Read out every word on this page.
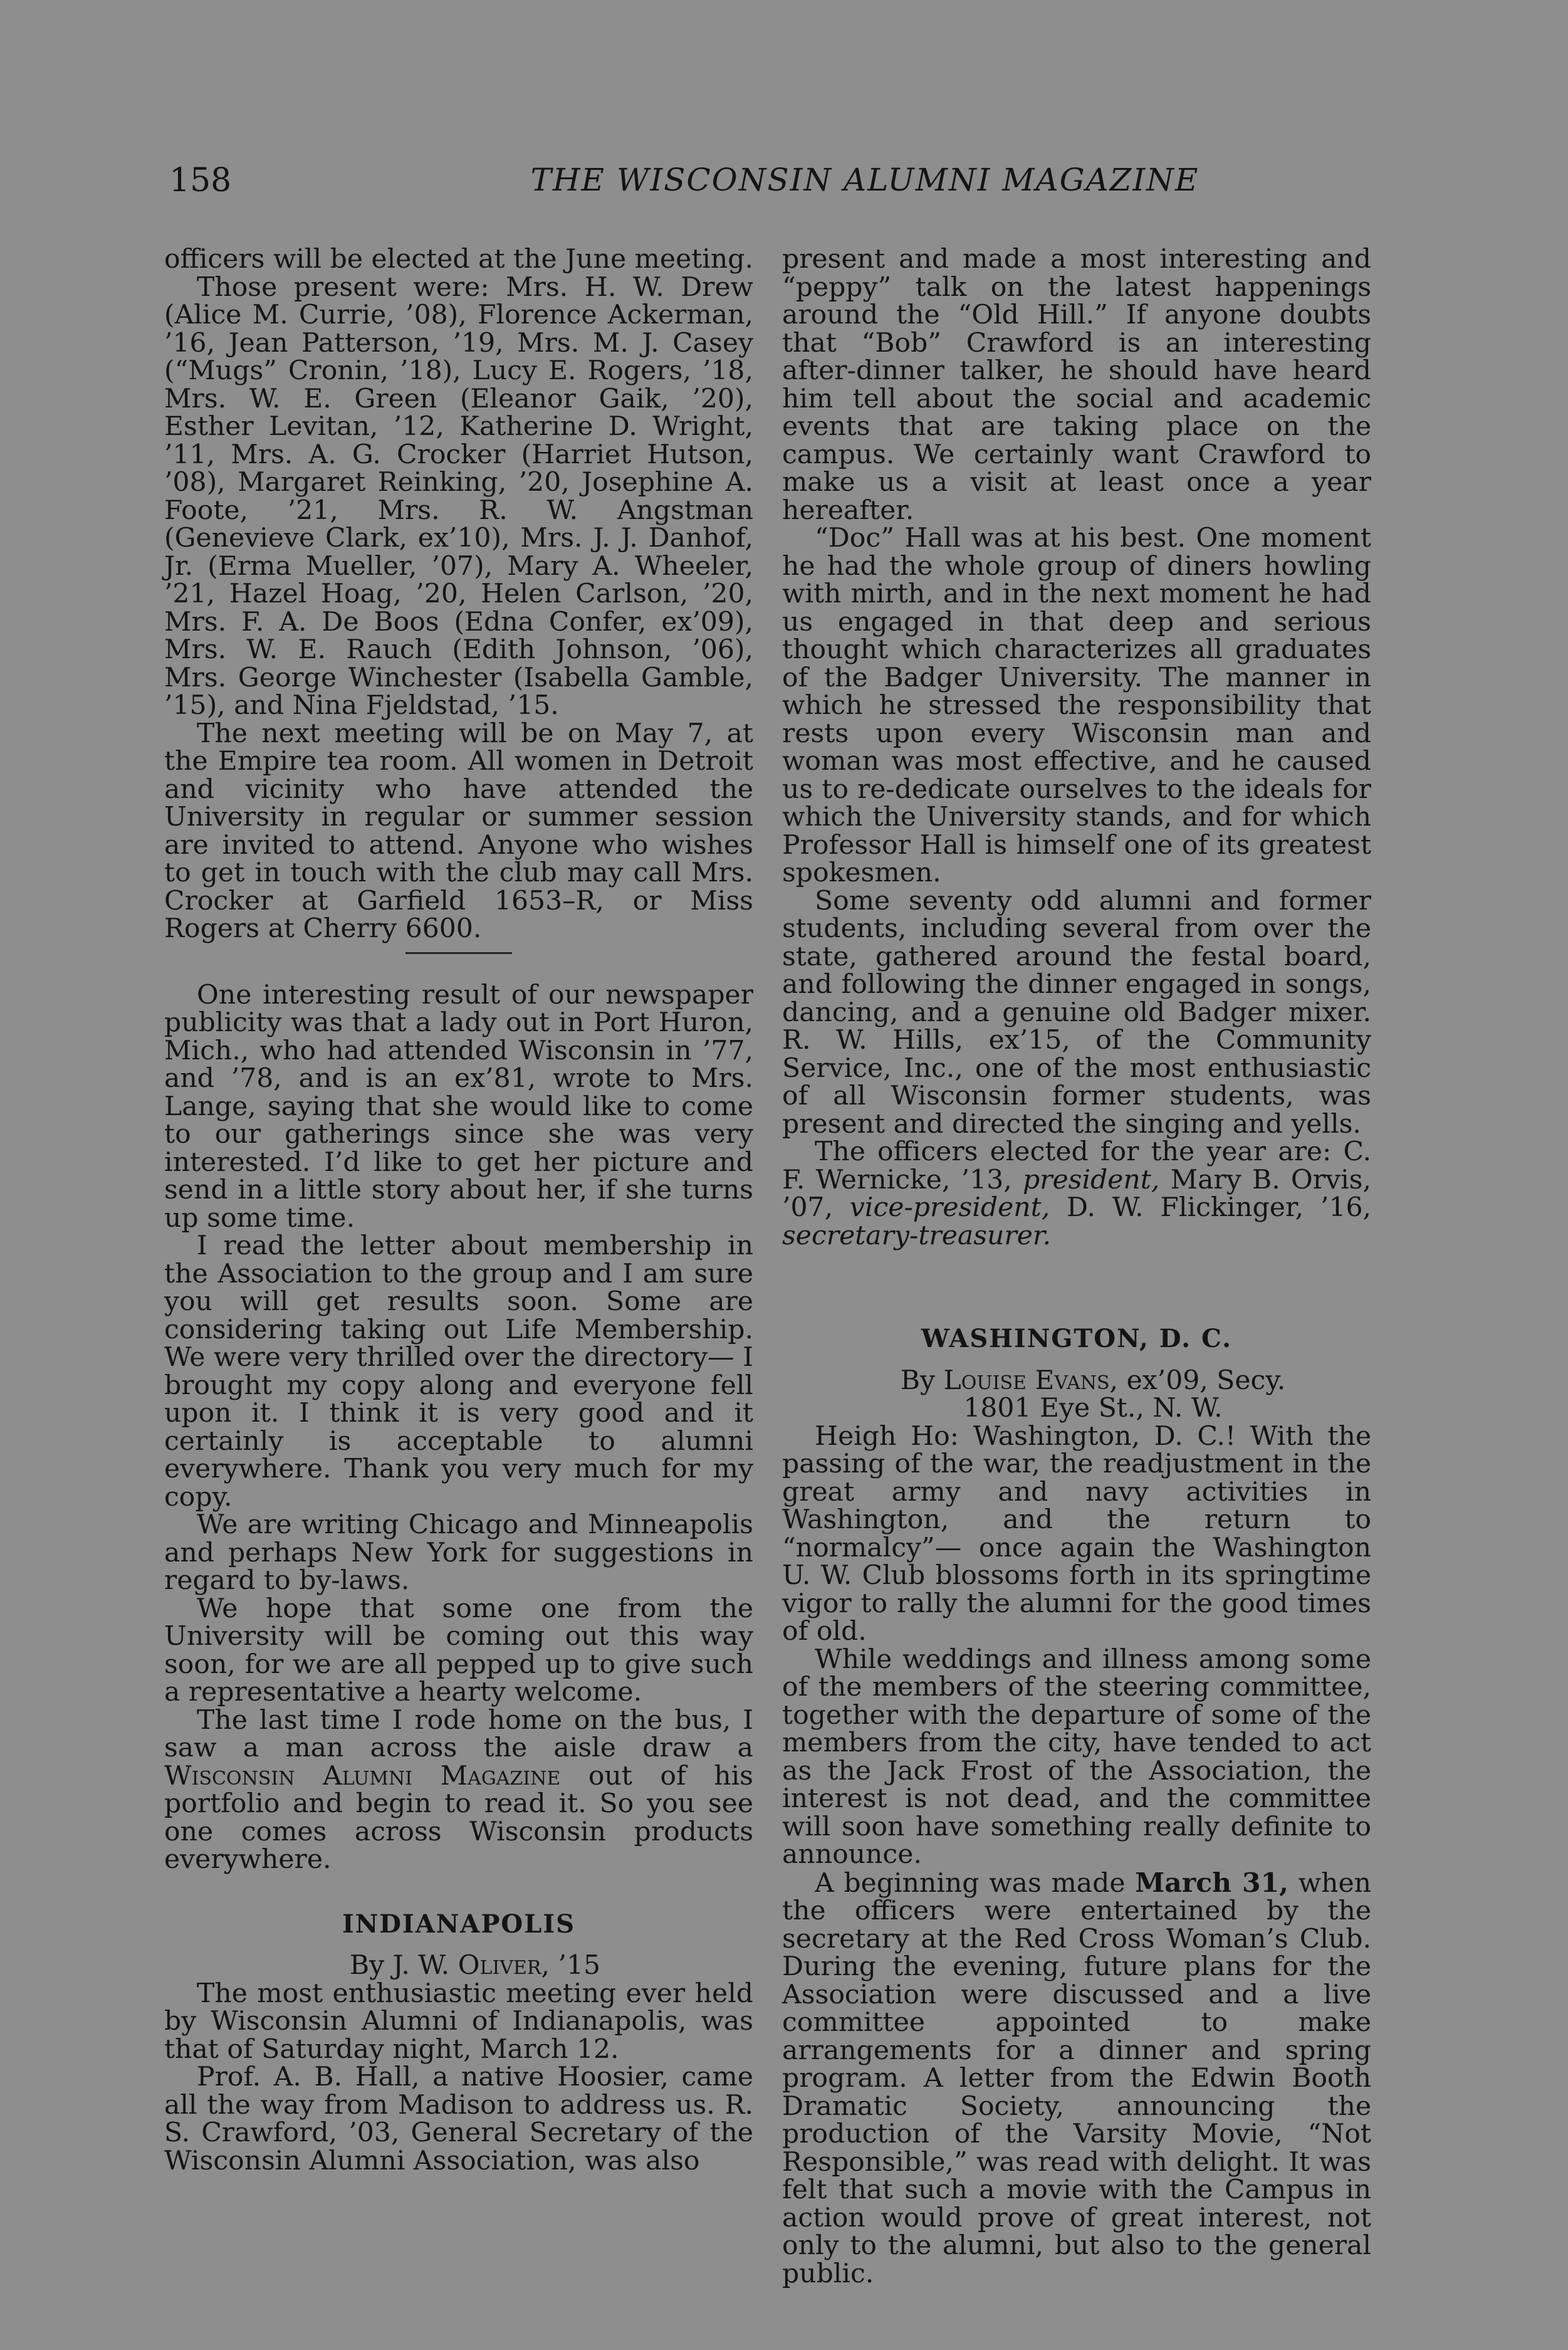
158	THE WISCONSIN ALUMNI MAGAZINE

officers will be elected at the June meeting.

Those present were: Mrs. H. W. Drew (Alice M. Currie, ’08), Florence Ackerman, ’16, Jean Patterson, ’19, Mrs. M. J. Casey (“Mugs” Cronin, ’18), Lucy E. Rogers, ’18, Mrs. W. E. Green (Eleanor Gaik, ’20), Esther Levitan, ’12, Katherine D. Wright, ’11, Mrs. A. G. Crocker (Harriet Hutson, ’08), Margaret Reinking, ’20, Josephine A. Foote, ’21, Mrs. R. W. Angstman (Genevieve Clark, ex’10), Mrs. J. J. Danhof, Jr. (Erma Mueller, ’07), Mary A. Wheeler, ’21, Hazel Hoag, ’20, Helen Carlson, ’20, Mrs. F. A. De Boos (Edna Confer, ex’09), Mrs. W. E. Rauch (Edith Johnson, ’06), Mrs. George Winchester (Isabella Gamble, ’15), and Nina Fjeldstad, ’15.

The next meeting will be on May 7, at the Empire tea room. All women in Detroit and vicinity who have attended the University in regular or summer session are invited to attend. Anyone who wishes to get in touch with the club may call Mrs. Crocker at Garfield 1653–R, or Miss Rogers at Cherry 6600.

One interesting result of our newspaper publicity was that a lady out in Port Huron, Mich., who had attended Wisconsin in ’77, and ’78, and is an ex’81, wrote to Mrs. Lange, saying that she would like to come to our gatherings since she was very interested. I’d like to get her picture and send in a little story about her, if she turns up some time.

I read the letter about membership in the Association to the group and I am sure you will get results soon. Some are considering taking out Life Membership. We were very thrilled over the directory— I brought my copy along and everyone fell upon it. I think it is very good and it certainly is acceptable to alumni everywhere. Thank you very much for my copy.

We are writing Chicago and Minneapolis and perhaps New York for suggestions in regard to by-laws.

We hope that some one from the University will be coming out this way soon, for we are all pepped up to give such a representative a hearty welcome.

The last time I rode home on the bus, I saw a man across the aisle draw a Wisconsin Alumni Magazine out of his portfolio and begin to read it. So you see one comes across Wisconsin products everywhere.

INDIANAPOLIS

By J. W. Oliver, ’15

The most enthusiastic meeting ever held by Wisconsin Alumni of Indianapolis, was that of Saturday night, March 12.

Prof. A. B. Hall, a native Hoosier, came all the way from Madison to address us. R. S. Crawford, ’03, General Secretary of the Wisconsin Alumni Association, was also

present and made a most interesting and “peppy” talk on the latest happenings around the “Old Hill.” If anyone doubts that “Bob” Crawford is an interesting after-dinner talker, he should have heard him tell about the social and academic events that are taking place on the campus. We certainly want Crawford to make us a visit at least once a year hereafter.

“Doc” Hall was at his best. One moment he had the whole group of diners howling with mirth, and in the next moment he had us engaged in that deep and serious thought which characterizes all graduates of the Badger University. The manner in which he stressed the responsibility that rests upon every Wisconsin man and woman was most effective, and he caused us to re-dedicate ourselves to the ideals for which the University stands, and for which Professor Hall is himself one of its greatest spokesmen.

Some seventy odd alumni and former students, including several from over the state, gathered around the festal board, and following the dinner engaged in songs, dancing, and a genuine old Badger mixer. R. W. Hills, ex’15, of the Community Service, Inc., one of the most enthusiastic of all Wisconsin former students, was present and directed the singing and yells.

The officers elected for the year are: C. F. Wernicke, ’13, president, Mary B. Orvis, ’07, vice-president, D. W. Flickinger, ’16, secretary-treasurer.

WASHINGTON, D. C.

By Louise Evans, ex’09, Secy.

1801 Eye St., N. W.

Heigh Ho: Washington, D. C.! With the passing of the war, the readjustment in the great army and navy activities in Washington, and the return to “normalcy”— once again the Washington U. W. Club blossoms forth in its springtime vigor to rally the alumni for the good times of old.

While weddings and illness among some of the members of the steering committee, together with the departure of some of the members from the city, have tended to act as the Jack Frost of the Association, the interest is not dead, and the committee will soon have something really definite to announce.

A beginning was made March 31, when the officers were entertained by the secretary at the Red Cross Woman’s Club. During the evening, future plans for the Association were discussed and a live committee appointed to make arrangements for a dinner and spring program. A letter from the Edwin Booth Dramatic Society, announcing the production of the Varsity Movie, “Not Responsible,” was read with delight. It was felt that such a movie with the Campus in action would prove of great interest, not only to the alumni, but also to the general public.
